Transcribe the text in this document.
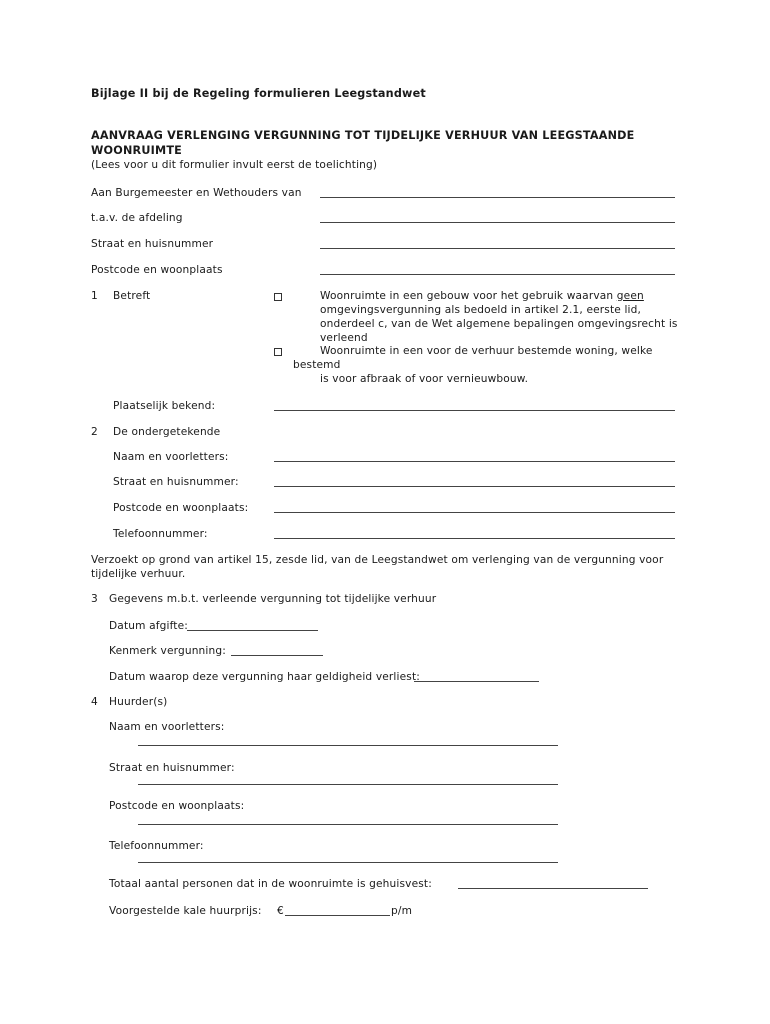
Bijlage II bij de Regeling formulieren Leegstandwet
AANVRAAG VERLENGING VERGUNNING TOT TIJDELIJKE VERHUUR VAN LEEGSTAANDE
WOONRUIMTE
(Lees voor u dit formulier invult eerst de toelichting)
Aan Burgemeester en Wethouders van
t.a.v. de afdeling
Straat en huisnummer
Postcode en woonplaats
1 Betreft	Woonruimte in een gebouw voor het gebruik waarvan geen
omgevingsvergunning als bedoeld in artikel 2.1, eerste lid,
onderdeel c, van de Wet algemene bepalingen omgevingsrecht is
verleend
Woonruimte in een voor de verhuur bestemde woning, welke
bestemd
is voor afbraak of voor vernieuwbouw.
Plaatselijk bekend:
2 De ondergetekende
Naam en voorletters:
Straat en huisnummer:
Postcode en woonplaats:
Telefoonnummer:
Verzoekt op grond van artikel 15, zesde lid, van de Leegstandwet om verlenging van de vergunning voor
tijdelijke verhuur.
3 Gegevens m.b.t. verleende vergunning tot tijdelijke verhuur
Datum afgifte:
Kenmerk vergunning:
Datum waarop deze vergunning haar geldigheid verliest:
4 Huurder(s)
Naam en voorletters:
Straat en huisnummer:
Postcode en woonplaats:
Telefoonnummer:
Totaal aantal personen dat in de woonruimte is gehuisvest:
Voorgestelde kale huurprijs: €	p/m
